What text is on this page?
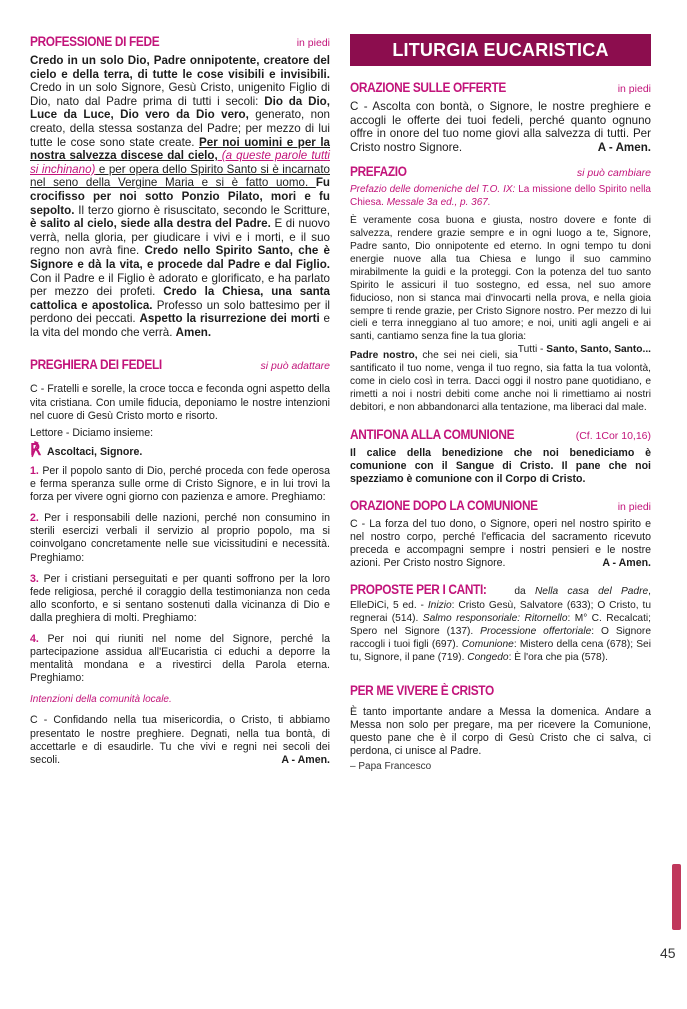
PROFESSIONE DI FEDE	in piedi

Credo in un solo Dio, Padre onnipotente, creatore del cielo e della terra, di tutte le cose visibili e invisibili. Credo in un solo Signore, Gesù Cristo, unigenito Figlio di Dio, nato dal Padre prima di tutti i secoli: Dio da Dio, Luce da Luce, Dio vero da Dio vero, generato, non creato, della stessa sostanza del Padre; per mezzo di lui tutte le cose sono state create. Per noi uomini e per la nostra salvezza discese dal cielo, (a queste parole tutti si inchinano) e per opera dello Spirito Santo si è incarnato nel seno della Vergine Maria e si è fatto uomo. Fu crocifisso per noi sotto Ponzio Pilato, mori e fu sepolto. Il terzo giorno è risuscitato, secondo le Scritture, è salito al cielo, siede alla destra del Padre. E di nuovo verrà, nella gloria, per giudicare i vivi e i morti, e il suo regno non avrà fine. Credo nello Spirito Santo, che è Signore e dà la vita, e procede dal Padre e dal Figlio. Con il Padre e il Figlio è adorato e glorificato, e ha parlato per mezzo dei profeti. Credo la Chiesa, una santa cattolica e apostolica. Professo un solo battesimo per il perdono dei peccati. Aspetto la risurrezione dei morti e la vita del mondo che verrà. Amen.

PREGHIERA DEI FEDELI	si può adattare

C - Fratelli e sorelle, la croce tocca e feconda ogni aspetto della vita cristiana. Con umile fiducia, deponiamo le nostre intenzioni nel cuore di Gesù Cristo morto e risorto.

Lettore - Diciamo insieme:

℟ Ascoltaci, Signore.

1. Per il popolo santo di Dio, perché proceda con fede operosa e ferma speranza sulle orme di Cristo Signore, e in lui trovi la forza per vivere ogni giorno con pazienza e amore. Preghiamo:

2. Per i responsabili delle nazioni, perché non consumino in sterili esercizi verbali il servizio al proprio popolo, ma si coinvolgano concretamente nelle sue vicissitudini e necessità. Preghiamo:

3. Per i cristiani perseguitati e per quanti soffrono per la loro fede religiosa, perché il coraggio della testimonianza non ceda allo sconforto, e si sentano sostenuti dalla vicinanza di Dio e dalla preghiera di molti. Preghiamo:

4. Per noi qui riuniti nel nome del Signore, perché la partecipazione assidua all'Eucaristia ci educhi a deporre la mentalità mondana e a rivestirci della Parola eterna. Preghiamo:

Intenzioni della comunità locale.

C - Confidando nella tua misericordia, o Cristo, ti abbiamo presentato le nostre preghiere. Degnati, nella tua bontà, di accettarle e di esaudirle. Tu che vivi e regni nei secoli dei secoli.	A - Amen.

LITURGIA EUCARISTICA
ORAZIONE SULLE OFFERTE	in piedi

C - Ascolta con bontà, o Signore, le nostre preghiere e accogli le offerte dei tuoi fedeli, perché quanto ognuno offre in onore del tuo nome giovi alla salvezza di tutti. Per Cristo nostro Signore.	A - Amen.

PREFAZIO	si può cambiare

Prefazio delle domeniche del T.O. IX: La missione dello Spirito nella Chiesa. Messale 3a ed., p. 367.

È veramente cosa buona e giusta, nostro dovere e fonte di salvezza, rendere grazie sempre e in ogni luogo a te, Signore, Padre santo, Dio onnipotente ed eterno. In ogni tempo tu doni energie nuove alla tua Chiesa e lungo il suo cammino mirabilmente la guidi e la proteggi. Con la potenza del tuo santo Spirito le assicuri il tuo sostegno, ed essa, nel suo amore fiducioso, non si stanca mai d'invocarti nella prova, e nella gioia sempre ti rende grazie, per Cristo Signore nostro. Per mezzo di lui cieli e terra inneggiano al tuo amore; e noi, uniti agli angeli e ai santi, cantiamo senza fine la tua gloria:
Tutti - Santo, Santo, Santo...

Padre nostro, che sei nei cieli, sia santificato il tuo nome, venga il tuo regno, sia fatta la tua volontà, come in cielo così in terra. Dacci oggi il nostro pane quotidiano, e rimetti a noi i nostri debiti come anche noi li rimettiamo ai nostri debitori, e non abbandonarci alla tentazione, ma liberaci dal male.

ANTIFONA ALLA COMUNIONE	(Cf. 1Cor 10,16)

Il calice della benedizione che noi benediciamo è comunione con il Sangue di Cristo. Il pane che noi spezziamo è comunione con il Corpo di Cristo.

ORAZIONE DOPO LA COMUNIONE	in piedi

C - La forza del tuo dono, o Signore, operi nel nostro spirito e nel nostro corpo, perché l'efficacia del sacramento ricevuto preceda e accompagni sempre i nostri pensieri e le nostre azioni. Per Cristo nostro Signore.	A - Amen.

PROPOSTE PER I CANTI: da Nella casa del Padre, ElleDiCi, 5 ed. - Inizio: Cristo Gesù, Salvatore (633); O Cristo, tu regnerai (514). Salmo responsoriale: Ritornello: M° C. Recalcati; Spero nel Signore (137). Processione offertoriale: O Signore raccogli i tuoi figli (697). Comunione: Mistero della cena (678); Sei tu, Signore, il pane (719). Congedo: È l'ora che pia (578).

PER ME VIVERE È CRISTO

È tanto importante andare a Messa la domenica. Andare a Messa non solo per pregare, ma per ricevere la Comunione, questo pane che è il corpo di Gesù Cristo che ci salva, ci perdona, ci unisce al Padre.

– Papa Francesco
45
